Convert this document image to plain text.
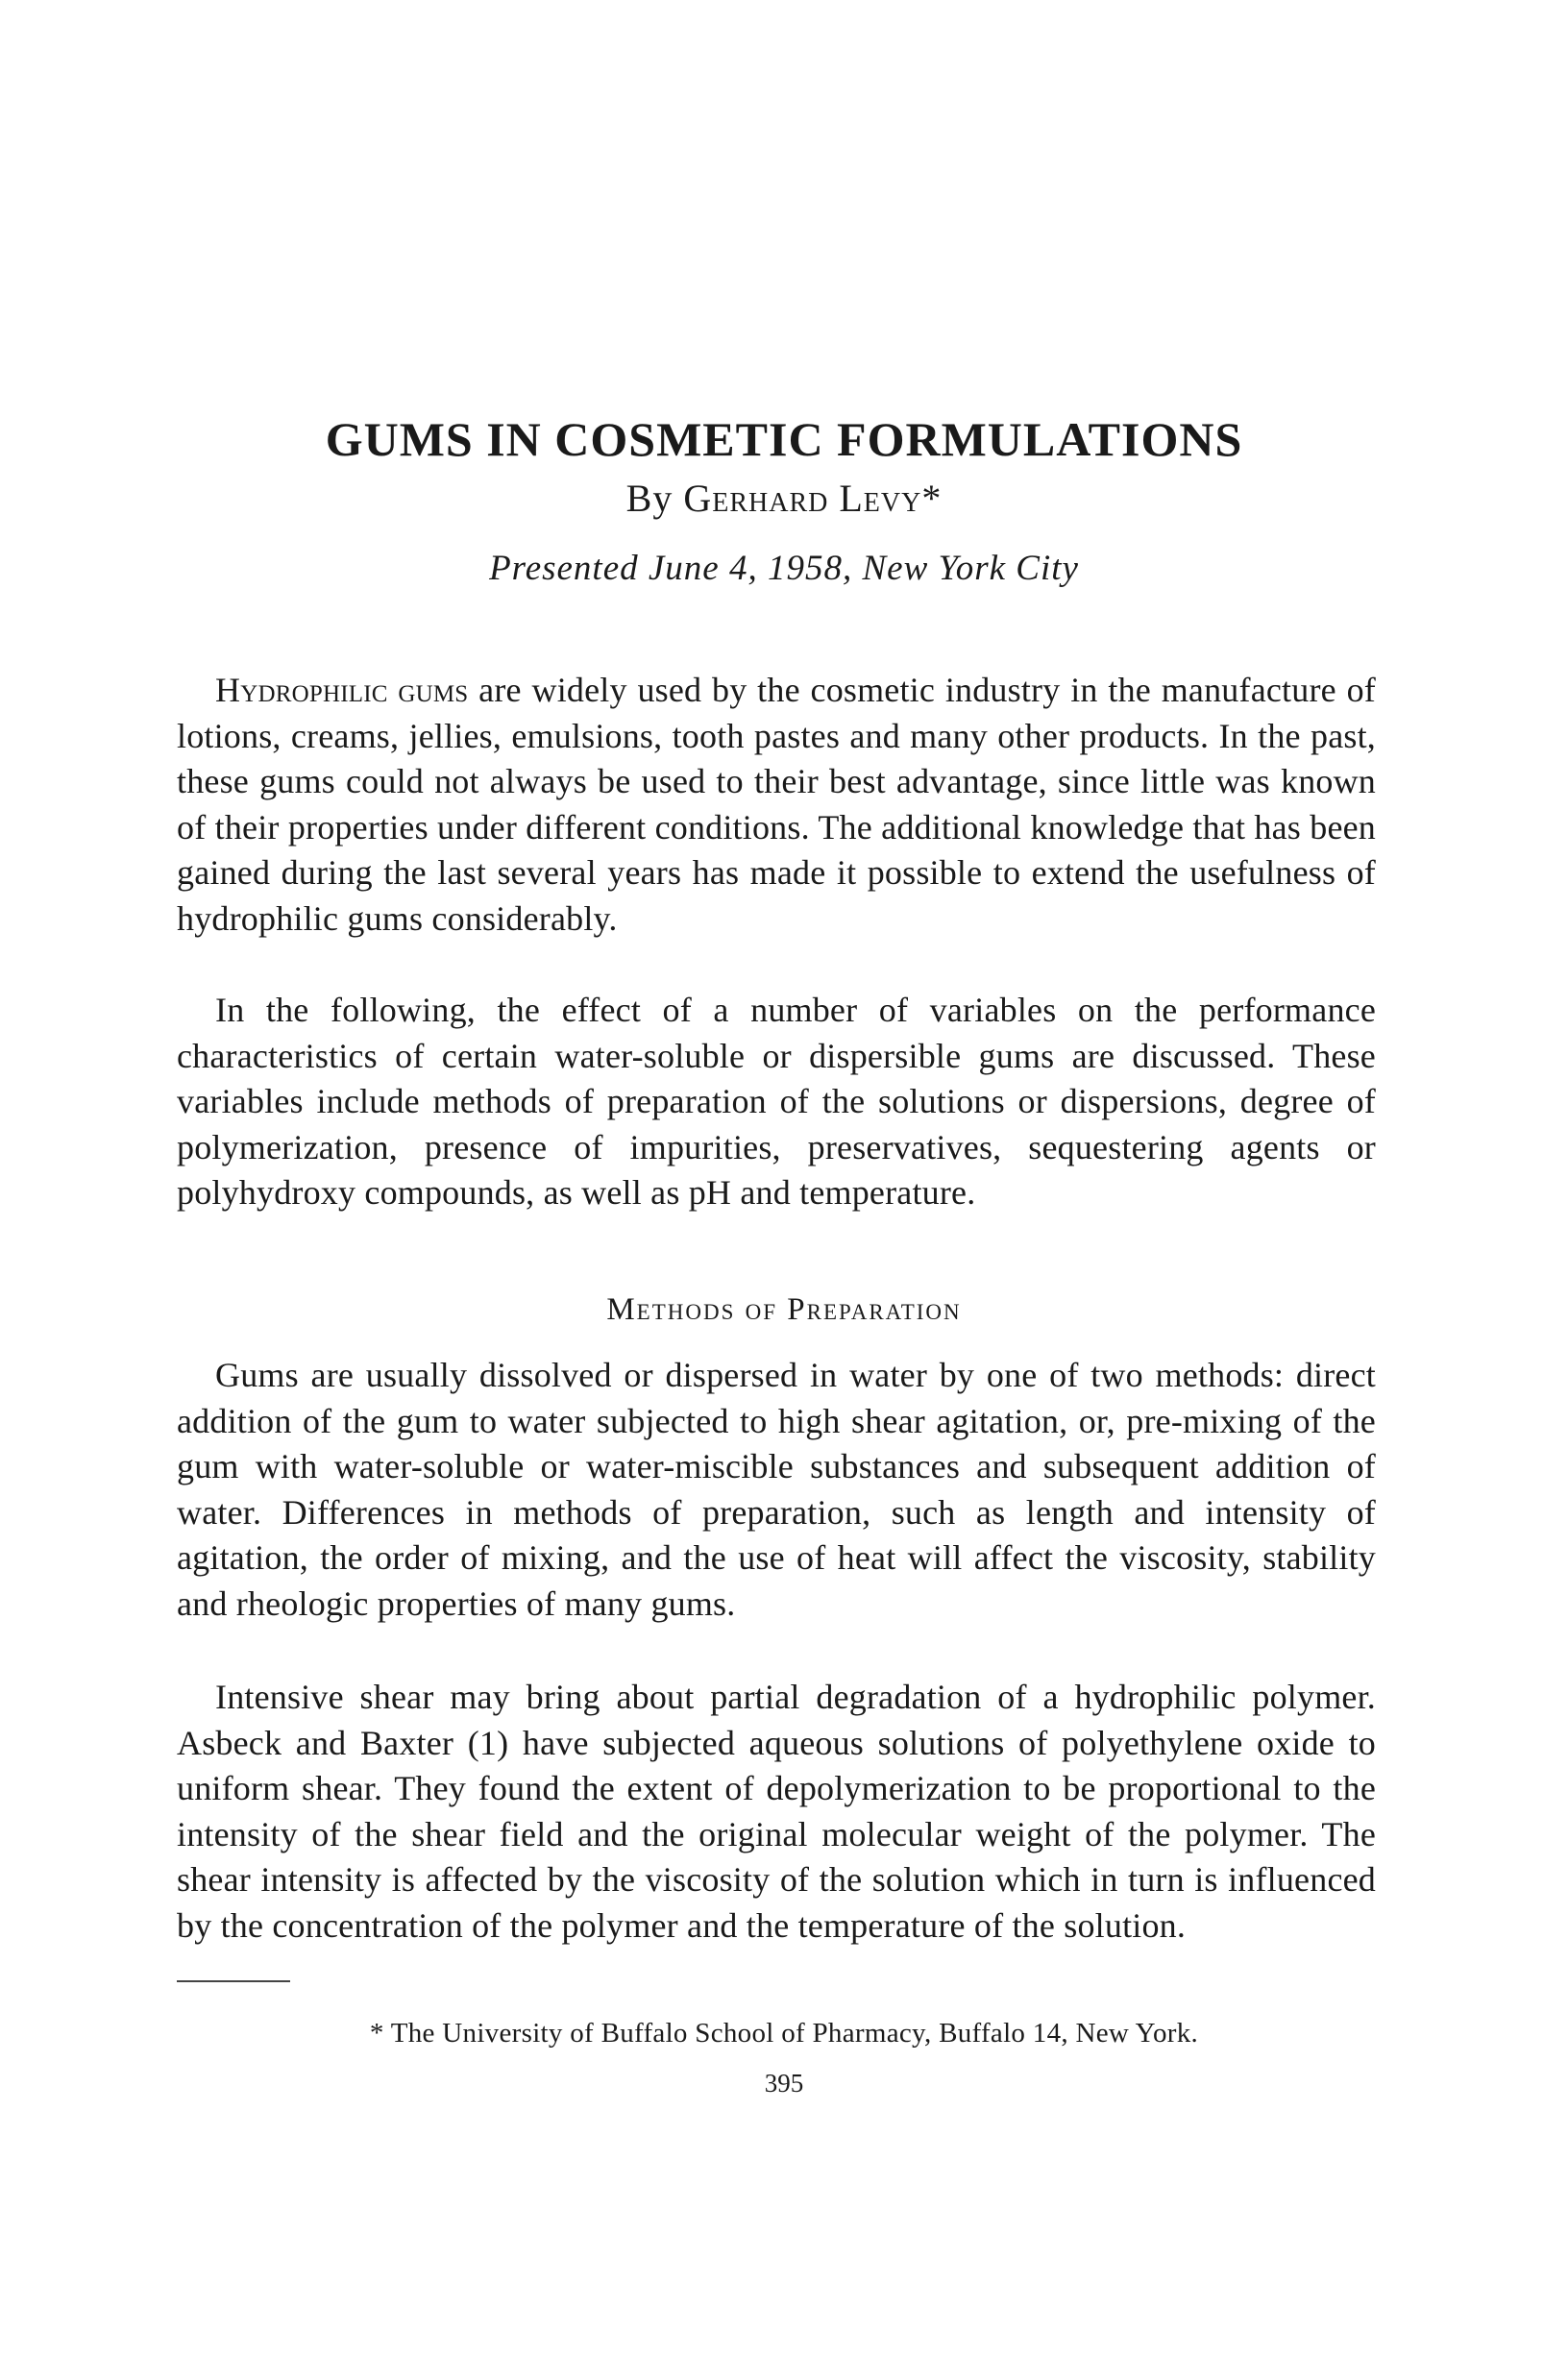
GUMS IN COSMETIC FORMULATIONS
By Gerhard Levy*
Presented June 4, 1958, New York City

Hydrophilic gums are widely used by the cosmetic industry in the manufacture of lotions, creams, jellies, emulsions, tooth pastes and many other products. In the past, these gums could not always be used to their best advantage, since little was known of their properties under different conditions. The additional knowledge that has been gained during the last several years has made it possible to extend the usefulness of hydrophilic gums considerably.

In the following, the effect of a number of variables on the performance characteristics of certain water-soluble or dispersible gums are discussed. These variables include methods of preparation of the solutions or dispersions, degree of polymerization, presence of impurities, preservatives, sequestering agents or polyhydroxy compounds, as well as pH and temperature.

Methods of Preparation

Gums are usually dissolved or dispersed in water by one of two methods: direct addition of the gum to water subjected to high shear agitation, or, pre-mixing of the gum with water-soluble or water-miscible substances and subsequent addition of water. Differences in methods of preparation, such as length and intensity of agitation, the order of mixing, and the use of heat will affect the viscosity, stability and rheologic properties of many gums.

Intensive shear may bring about partial degradation of a hydrophilic polymer. Asbeck and Baxter (1) have subjected aqueous solutions of polyethylene oxide to uniform shear. They found the extent of depolymerization to be proportional to the intensity of the shear field and the original molecular weight of the polymer. The shear intensity is affected by the viscosity of the solution which in turn is influenced by the concentration of the polymer and the temperature of the solution.

* The University of Buffalo School of Pharmacy, Buffalo 14, New York.
395
